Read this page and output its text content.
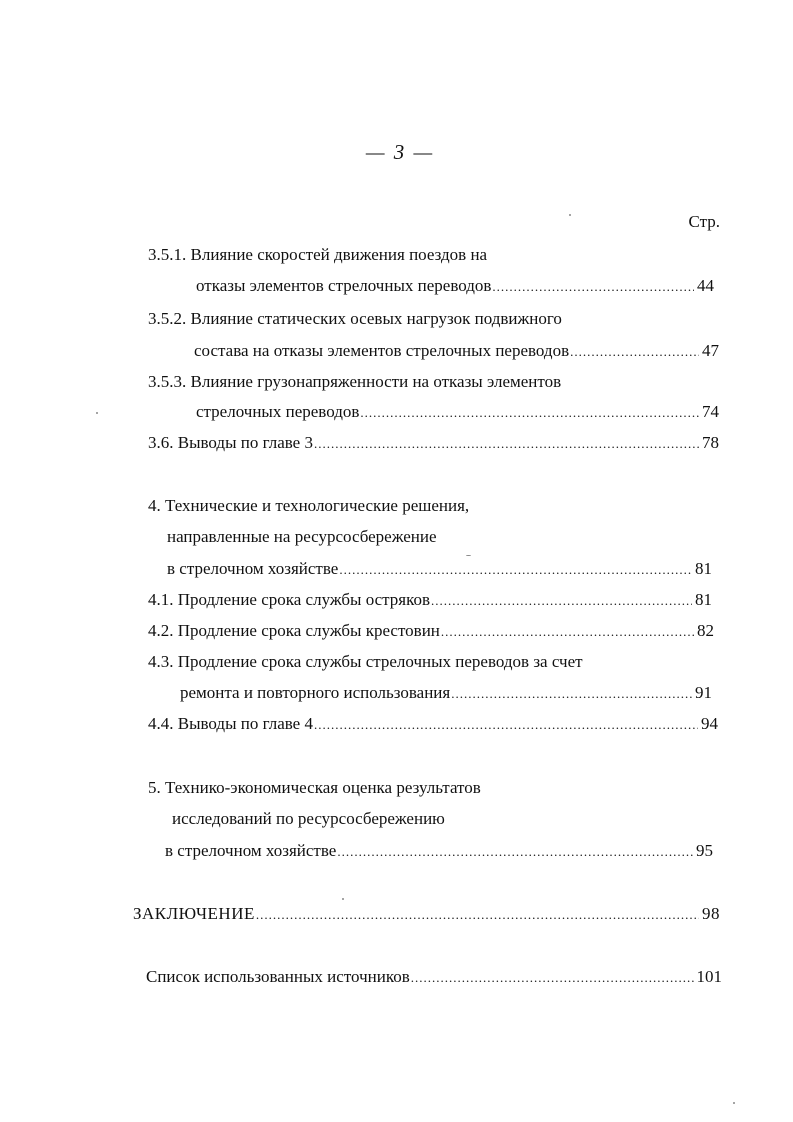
— 3 —
Стр.
3.5.1. Влияние скоростей движения поездов на
отказы элементов стрелочных переводов .....	44
3.5.2. Влияние статических осевых нагрузок подвижного
состава на отказы элементов стрелочных переводов .....	47
3.5.3. Влияние грузонапряженности на отказы элементов
стрелочных переводов .....	74
3.6. Выводы по главе 3 .....	78
4. Технические и технологические решения,
направленные на ресурсосбережение
в стрелочном хозяйстве .....	81
4.1. Продление срока службы остряков .....	81
4.2. Продление срока службы крестовин .....	82
4.3. Продление срока службы стрелочных переводов за счет
ремонта и повторного использования .....	91
4.4. Выводы по главе 4 .....	94
5. Технико-экономическая оценка результатов
исследований по ресурсосбережению
в стрелочном хозяйстве .....	95
ЗАКЛЮЧЕНИЕ .....	98
Список использованных источников .....	101
